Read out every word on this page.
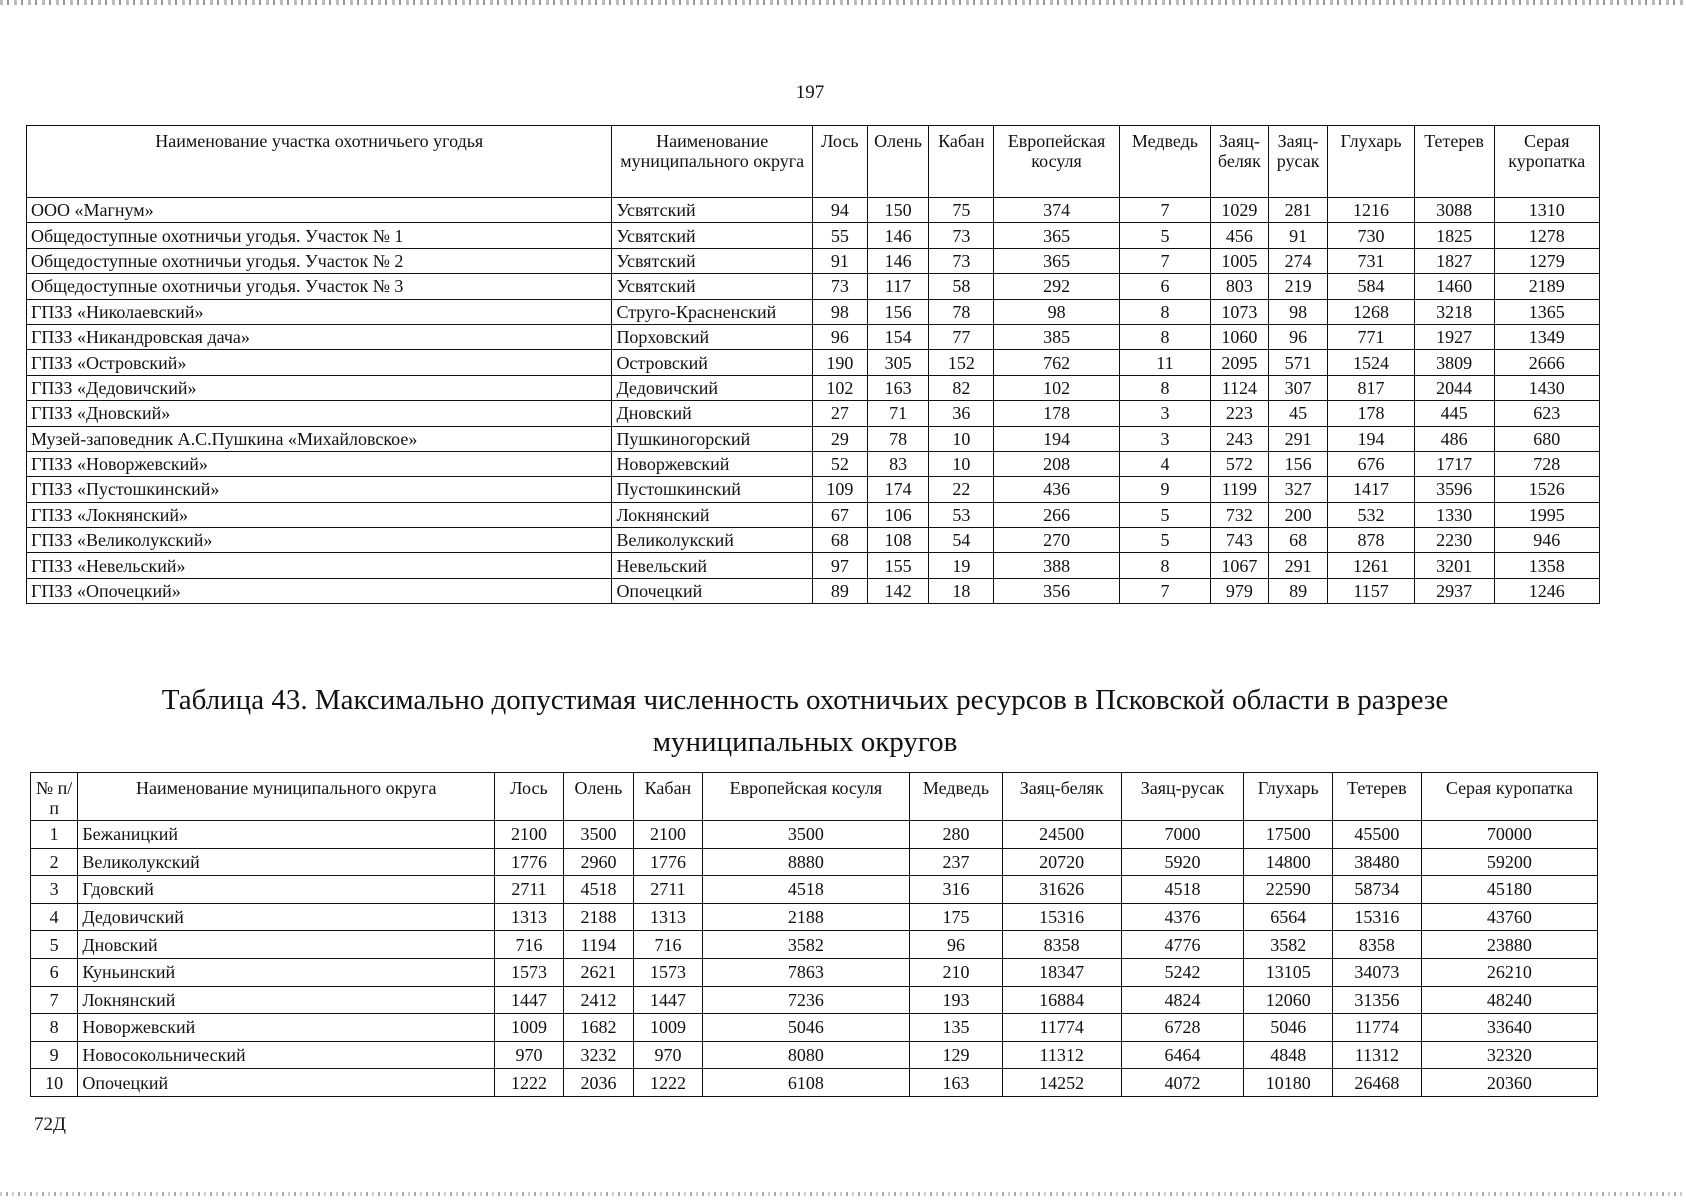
197
Наименование участка охотничьего угодья	Наименование муниципального округа	Лось	Олень	Кабан	Европейская косуля	Медведь	Заяц-беляк	Заяц-русак	Глухарь	Тетерев	Серая куропатка
ООО «Магнум»	Усвятский	94	150	75	374	7	1029	281	1216	3088	1310
Общедоступные охотничьи угодья. Участок № 1	Усвятский	55	146	73	365	5	456	91	730	1825	1278
Общедоступные охотничьи угодья. Участок № 2	Усвятский	91	146	73	365	7	1005	274	731	1827	1279
Общедоступные охотничьи угодья. Участок № 3	Усвятский	73	117	58	292	6	803	219	584	1460	2189
ГПЗЗ «Николаевский»	Струго-Красненский	98	156	78	98	8	1073	98	1268	3218	1365
ГПЗЗ «Никандровская дача»	Порховский	96	154	77	385	8	1060	96	771	1927	1349
ГПЗЗ «Островский»	Островский	190	305	152	762	11	2095	571	1524	3809	2666
ГПЗЗ «Дедовичский»	Дедовичский	102	163	82	102	8	1124	307	817	2044	1430
ГПЗЗ «Дновский»	Дновский	27	71	36	178	3	223	45	178	445	623
Музей-заповедник А.С.Пушкина «Михайловское»	Пушкиногорский	29	78	10	194	3	243	291	194	486	680
ГПЗЗ «Новоржевский»	Новоржевский	52	83	10	208	4	572	156	676	1717	728
ГПЗЗ «Пустошкинский»	Пустошкинский	109	174	22	436	9	1199	327	1417	3596	1526
ГПЗЗ «Локнянский»	Локнянский	67	106	53	266	5	732	200	532	1330	1995
ГПЗЗ «Великолукский»	Великолукский	68	108	54	270	5	743	68	878	2230	946
ГПЗЗ «Невельский»	Невельский	97	155	19	388	8	1067	291	1261	3201	1358
ГПЗЗ «Опочецкий»	Опочецкий	89	142	18	356	7	979	89	1157	2937	1246
Таблица 43. Максимально допустимая численность охотничьих ресурсов в Псковской области в разрезе
муниципальных округов
№ п/п	Наименование муниципального округа	Лось	Олень	Кабан	Европейская косуля	Медведь	Заяц-беляк	Заяц-русак	Глухарь	Тетерев	Серая куропатка
1	Бежаницкий	2100	3500	2100	3500	280	24500	7000	17500	45500	70000
2	Великолукский	1776	2960	1776	8880	237	20720	5920	14800	38480	59200
3	Гдовский	2711	4518	2711	4518	316	31626	4518	22590	58734	45180
4	Дедовичский	1313	2188	1313	2188	175	15316	4376	6564	15316	43760
5	Дновский	716	1194	716	3582	96	8358	4776	3582	8358	23880
6	Куньинский	1573	2621	1573	7863	210	18347	5242	13105	34073	26210
7	Локнянский	1447	2412	1447	7236	193	16884	4824	12060	31356	48240
8	Новоржевский	1009	1682	1009	5046	135	11774	6728	5046	11774	33640
9	Новосокольнический	970	3232	970	8080	129	11312	6464	4848	11312	32320
10	Опочецкий	1222	2036	1222	6108	163	14252	4072	10180	26468	20360
72Д
